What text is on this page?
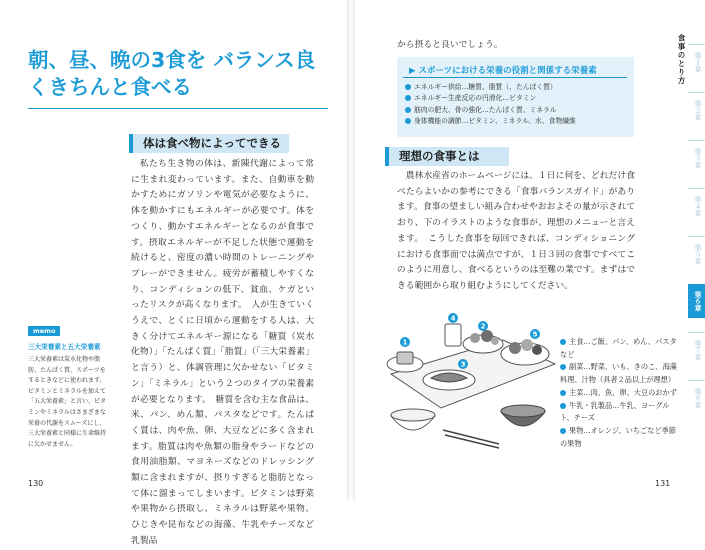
朝、昼、晩の3食を バランス良くきちんと食べる
体は食べ物によってできる

私たち生き物の体は、新陳代謝によって常に生まれ変わっています。また、自動車を動かすためにガソリンや電気が必要なように、体を動かすにもエネルギーが必要です。体をつくり、動かすエネルギーとなるのが食事です。摂取エネルギーが不足した状態で運動を続けると、密度の濃い時間のトレーニングやプレーができません。疲労が蓄積しやすくなり、コンディションの低下、貧血、ケガといったリスクが高くなります。　人が生きていくうえで、とくに日頃から運動をする人は、大きく分けてエネルギー源になる「糖質（炭水化物）」「たんぱく質」「脂質」（「三大栄養素」と言う）と、体調管理に欠かせない「ビタミン」「ミネラル」という２つのタイプの栄養素が必要となります。　糖質を含む主な食品は、米、パン、めん類、パスタなどです。たんぱく質は、肉や魚、卵、大豆などに多く含まれます。脂質は肉や魚類の脂身やラードなどの食用油脂類、マヨネーズなどのドレッシング類に含まれますが、摂りすぎると脂肪となって体に溜まってしまいます。ビタミンは野菜や果物から摂取し、ミネラルは野菜や果物、ひじきや昆布などの海藻、牛乳やチーズなど乳製品

memo
三大栄養素と五大栄養素
三大栄養素は炭水化物や脂肪、たんぱく質、スポーツをするときなどに使われます。ビタミンとミネラルを加えて「五大栄養素」と言い、ビタミンやミネラルはさまざまな栄養の代謝をスムーズにし、三大栄養素と同様に生命維持に欠かせません。
130

から摂ると良いでしょう。

▶ スポーツにおける栄養の役割と関係する栄養素
エネルギー供給…糖質、脂質（、たんぱく質）
エネルギー生産反応の円滑化…ビタミン
筋肉の肥大、骨の強化…たんぱく質、ミネラル
身体機能の調節…ビタミン、ミネラル、水、食物繊維
理想の食事とは

農林水産省のホームページには、１日に何を、どれだけ食べたらよいかの参考にできる「食事バランスガイド」があります。食事の望ましい組み合わせやおおよその量が示されており、下のイラストのような食事が、理想のメニューと言えます。　こうした食事を毎回できれば、コンディショニングにおける食事面では満点ですが、１日３回の食事ですべてこのように用意し、食べるというのは至難の業です。まずはできる範囲から取り組むようにしてください。

1
2
3
4
5
主食…ご飯、パン、めん、パスタなど
副菜…野菜、いも、きのこ、海藻料理、汁物（具者２品以上が理想）
主菜…肉、魚、卵、大豆のおかず
牛乳・乳製品…牛乳、ヨーグルト、チーズ
果物…オレンジ、いちごなど季節の果物
食事のとり方	第１章
第２章
第３章
第４章
第５章
第６章
第７章
第８章
131
